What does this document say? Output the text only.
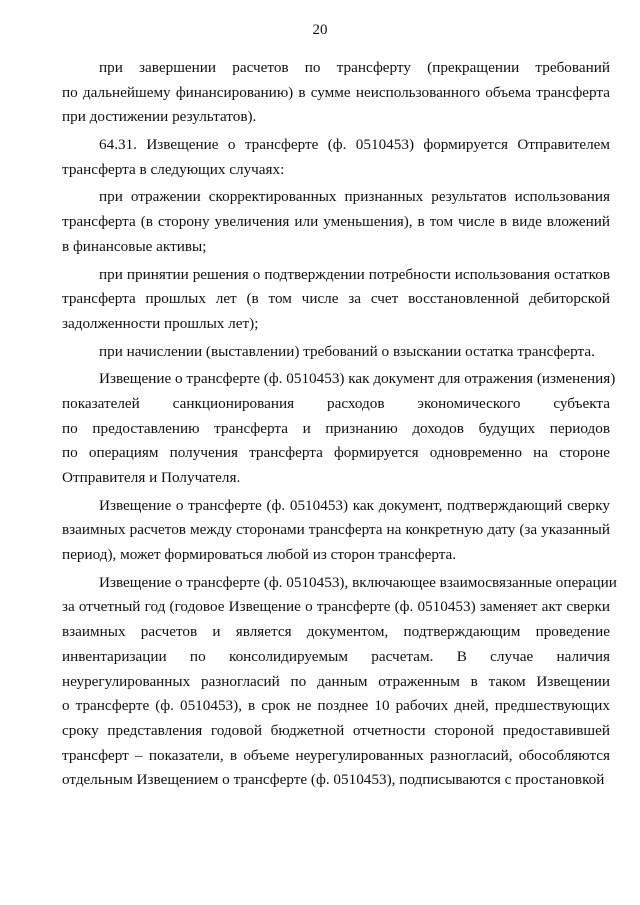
20
при завершении расчетов по трансферту (прекращении требований
по дальнейшему финансированию) в сумме неиспользованного объема трансферта
при достижении результатов).
64.31. Извещение о трансферте (ф. 0510453) формируется Отправителем
трансферта в следующих случаях:
при отражении скорректированных признанных результатов использования
трансферта (в сторону увеличения или уменьшения), в том числе в виде вложений
в финансовые активы;
при принятии решения о подтверждении потребности использования остатков
трансферта прошлых лет (в том числе за счет восстановленной дебиторской
задолженности прошлых лет);
при начислении (выставлении) требований о взыскании остатка трансферта.
Извещение о трансферте (ф. 0510453) как документ для отражения (изменения)
показателей санкционирования расходов экономического субъекта
по предоставлению трансферта и признанию доходов будущих периодов
по операциям получения трансферта формируется одновременно на стороне
Отправителя и Получателя.
Извещение о трансферте (ф. 0510453) как документ, подтверждающий сверку
взаимных расчетов между сторонами трансферта на конкретную дату (за указанный
период), может формироваться любой из сторон трансферта.
Извещение о трансферте (ф. 0510453), включающее взаимосвязанные операции
за отчетный год (годовое Извещение о трансферте (ф. 0510453) заменяет акт сверки
взаимных расчетов и является документом, подтверждающим проведение
инвентаризации по консолидируемым расчетам. В случае наличия
неурегулированных разногласий по данным отраженным в таком Извещении
о трансферте (ф. 0510453), в срок не позднее 10 рабочих дней, предшествующих
сроку представления годовой бюджетной отчетности стороной предоставившей
трансферт – показатели, в объеме неурегулированных разногласий, обособляются
отдельным Извещением о трансферте (ф. 0510453), подписываются с простановкой
